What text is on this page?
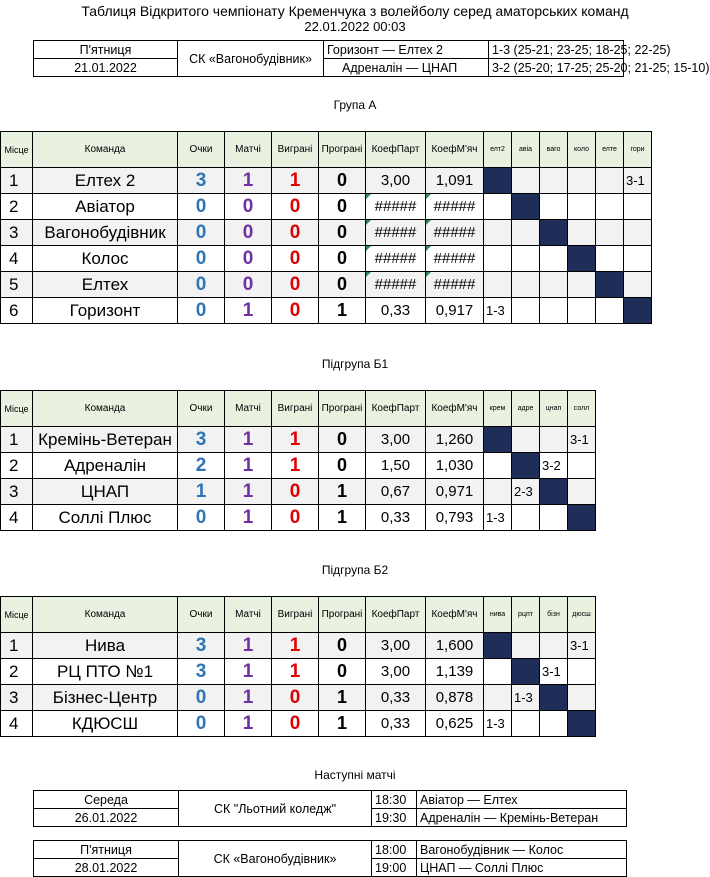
Таблиця Відкритого чемпіонату Кременчука з волейболу серед аматорських команд
22.01.2022 00:03
П'ятниця	СК «Вагонобудівник»	Горизонт — Елтех 2	1-3 (25-21; 23-25; 18-25; 22-25)
21.01.2022		Адреналін — ЦНАП	3-2 (25-20; 17-25; 25-20; 21-25; 15-10)
Група А
Місце	Команда	Очки	Матчі	Виграні	Програні	КоефПарт	КоефМ'яч	елт2	авіа	ваго	коло	елте	гори
1	Елтех 2	3	1	1	0	3,00	1,091						3-1
2	Авіатор	0	0	0	0	#####	#####						
3	Вагонобудівник	0	0	0	0	#####	#####						
4	Колос	0	0	0	0	#####	#####						
5	Елтех	0	0	0	0	#####	#####						
6	Горизонт	0	1	0	1	0,33	0,917	1-3					
Підгрупа Б1
Місце	Команда	Очки	Матчі	Виграні	Програні	КоефПарт	КоефМ'яч	крем	адре	цнап	солл
1	Кремінь-Ветеран	3	1	1	0	3,00	1,260				3-1
2	Адреналін	2	1	1	0	1,50	1,030			3-2	
3	ЦНАП	1	1	0	1	0,67	0,971		2-3		
4	Соллі Плюс	0	1	0	1	0,33	0,793	1-3			
Підгрупа Б2
Місце	Команда	Очки	Матчі	Виграні	Програні	КоефПарт	КоефМ'яч	нива	рцпт	бізн	дюсш
1	Нива	3	1	1	0	3,00	1,600				3-1
2	РЦ ПТО №1	3	1	1	0	3,00	1,139			3-1	
3	Бізнес-Центр	0	1	0	1	0,33	0,878		1-3		
4	КДЮСШ	0	1	0	1	0,33	0,625	1-3			
Наступні матчі
Середа	СК "Льотний коледж"	18:30	Авіатор — Елтех
26.01.2022		19:30	Адреналін — Кремінь-Ветеран
П'ятниця	СК «Вагонобудівник»	18:00	Вагонобудівник — Колос
28.01.2022		19:00	ЦНАП — Соллі Плюс
